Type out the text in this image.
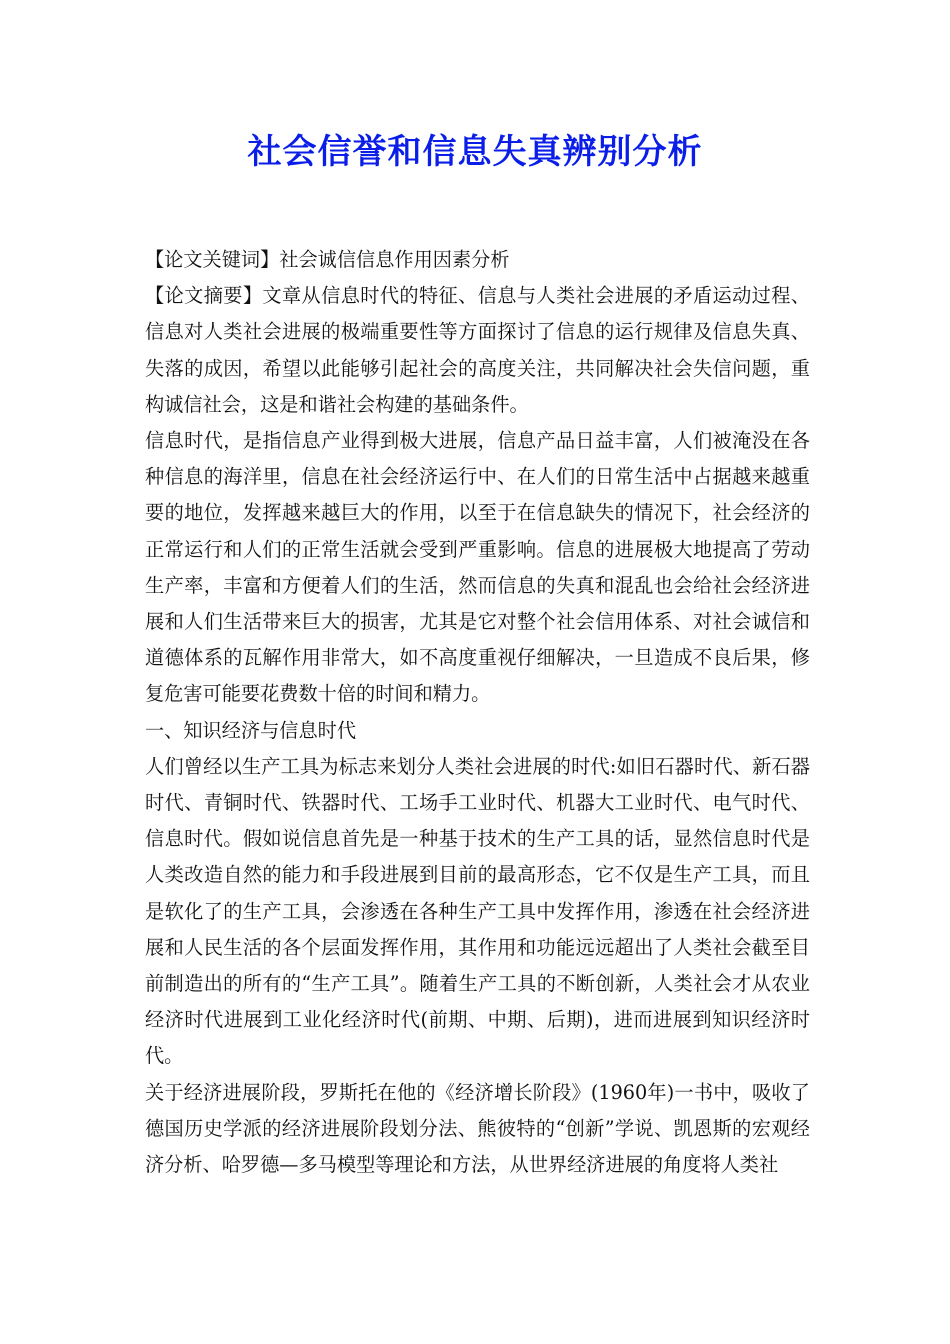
社会信誉和信息失真辨别分析

【论文关键词】社会诚信信息作用因素分析

【论文摘要】文章从信息时代的特征、信息与人类社会进展的矛盾运动过程、信息对人类社会进展的极端重要性等方面探讨了信息的运行规律及信息失真、失落的成因，希望以此能够引起社会的高度关注，共同解决社会失信问题，重构诚信社会，这是和谐社会构建的基础条件。

信息时代，是指信息产业得到极大进展，信息产品日益丰富，人们被淹没在各种信息的海洋里，信息在社会经济运行中、在人们的日常生活中占据越来越重要的地位，发挥越来越巨大的作用，以至于在信息缺失的情况下，社会经济的正常运行和人们的正常生活就会受到严重影响。信息的进展极大地提高了劳动生产率，丰富和方便着人们的生活，然而信息的失真和混乱也会给社会经济进展和人们生活带来巨大的损害，尤其是它对整个社会信用体系、对社会诚信和道德体系的瓦解作用非常大，如不高度重视仔细解决，一旦造成不良后果，修复危害可能要花费数十倍的时间和精力。

一、知识经济与信息时代

人们曾经以生产工具为标志来划分人类社会进展的时代:如旧石器时代、新石器时代、青铜时代、铁器时代、工场手工业时代、机器大工业时代、电气时代、信息时代。假如说信息首先是一种基于技术的生产工具的话，显然信息时代是人类改造自然的能力和手段进展到目前的最高形态，它不仅是生产工具，而且是软化了的生产工具，会渗透在各种生产工具中发挥作用，渗透在社会经济进展和人民生活的各个层面发挥作用，其作用和功能远远超出了人类社会截至目前制造出的所有的“生产工具”。随着生产工具的不断创新，人类社会才从农业经济时代进展到工业化经济时代(前期、中期、后期)，进而进展到知识经济时代。

关于经济进展阶段，罗斯托在他的《经济增长阶段》(1960年)一书中，吸收了德国历史学派的经济进展阶段划分法、熊彼特的“创新”学说、凯恩斯的宏观经济分析、哈罗德—多马模型等理论和方法，从世界经济进展的角度将人类社
